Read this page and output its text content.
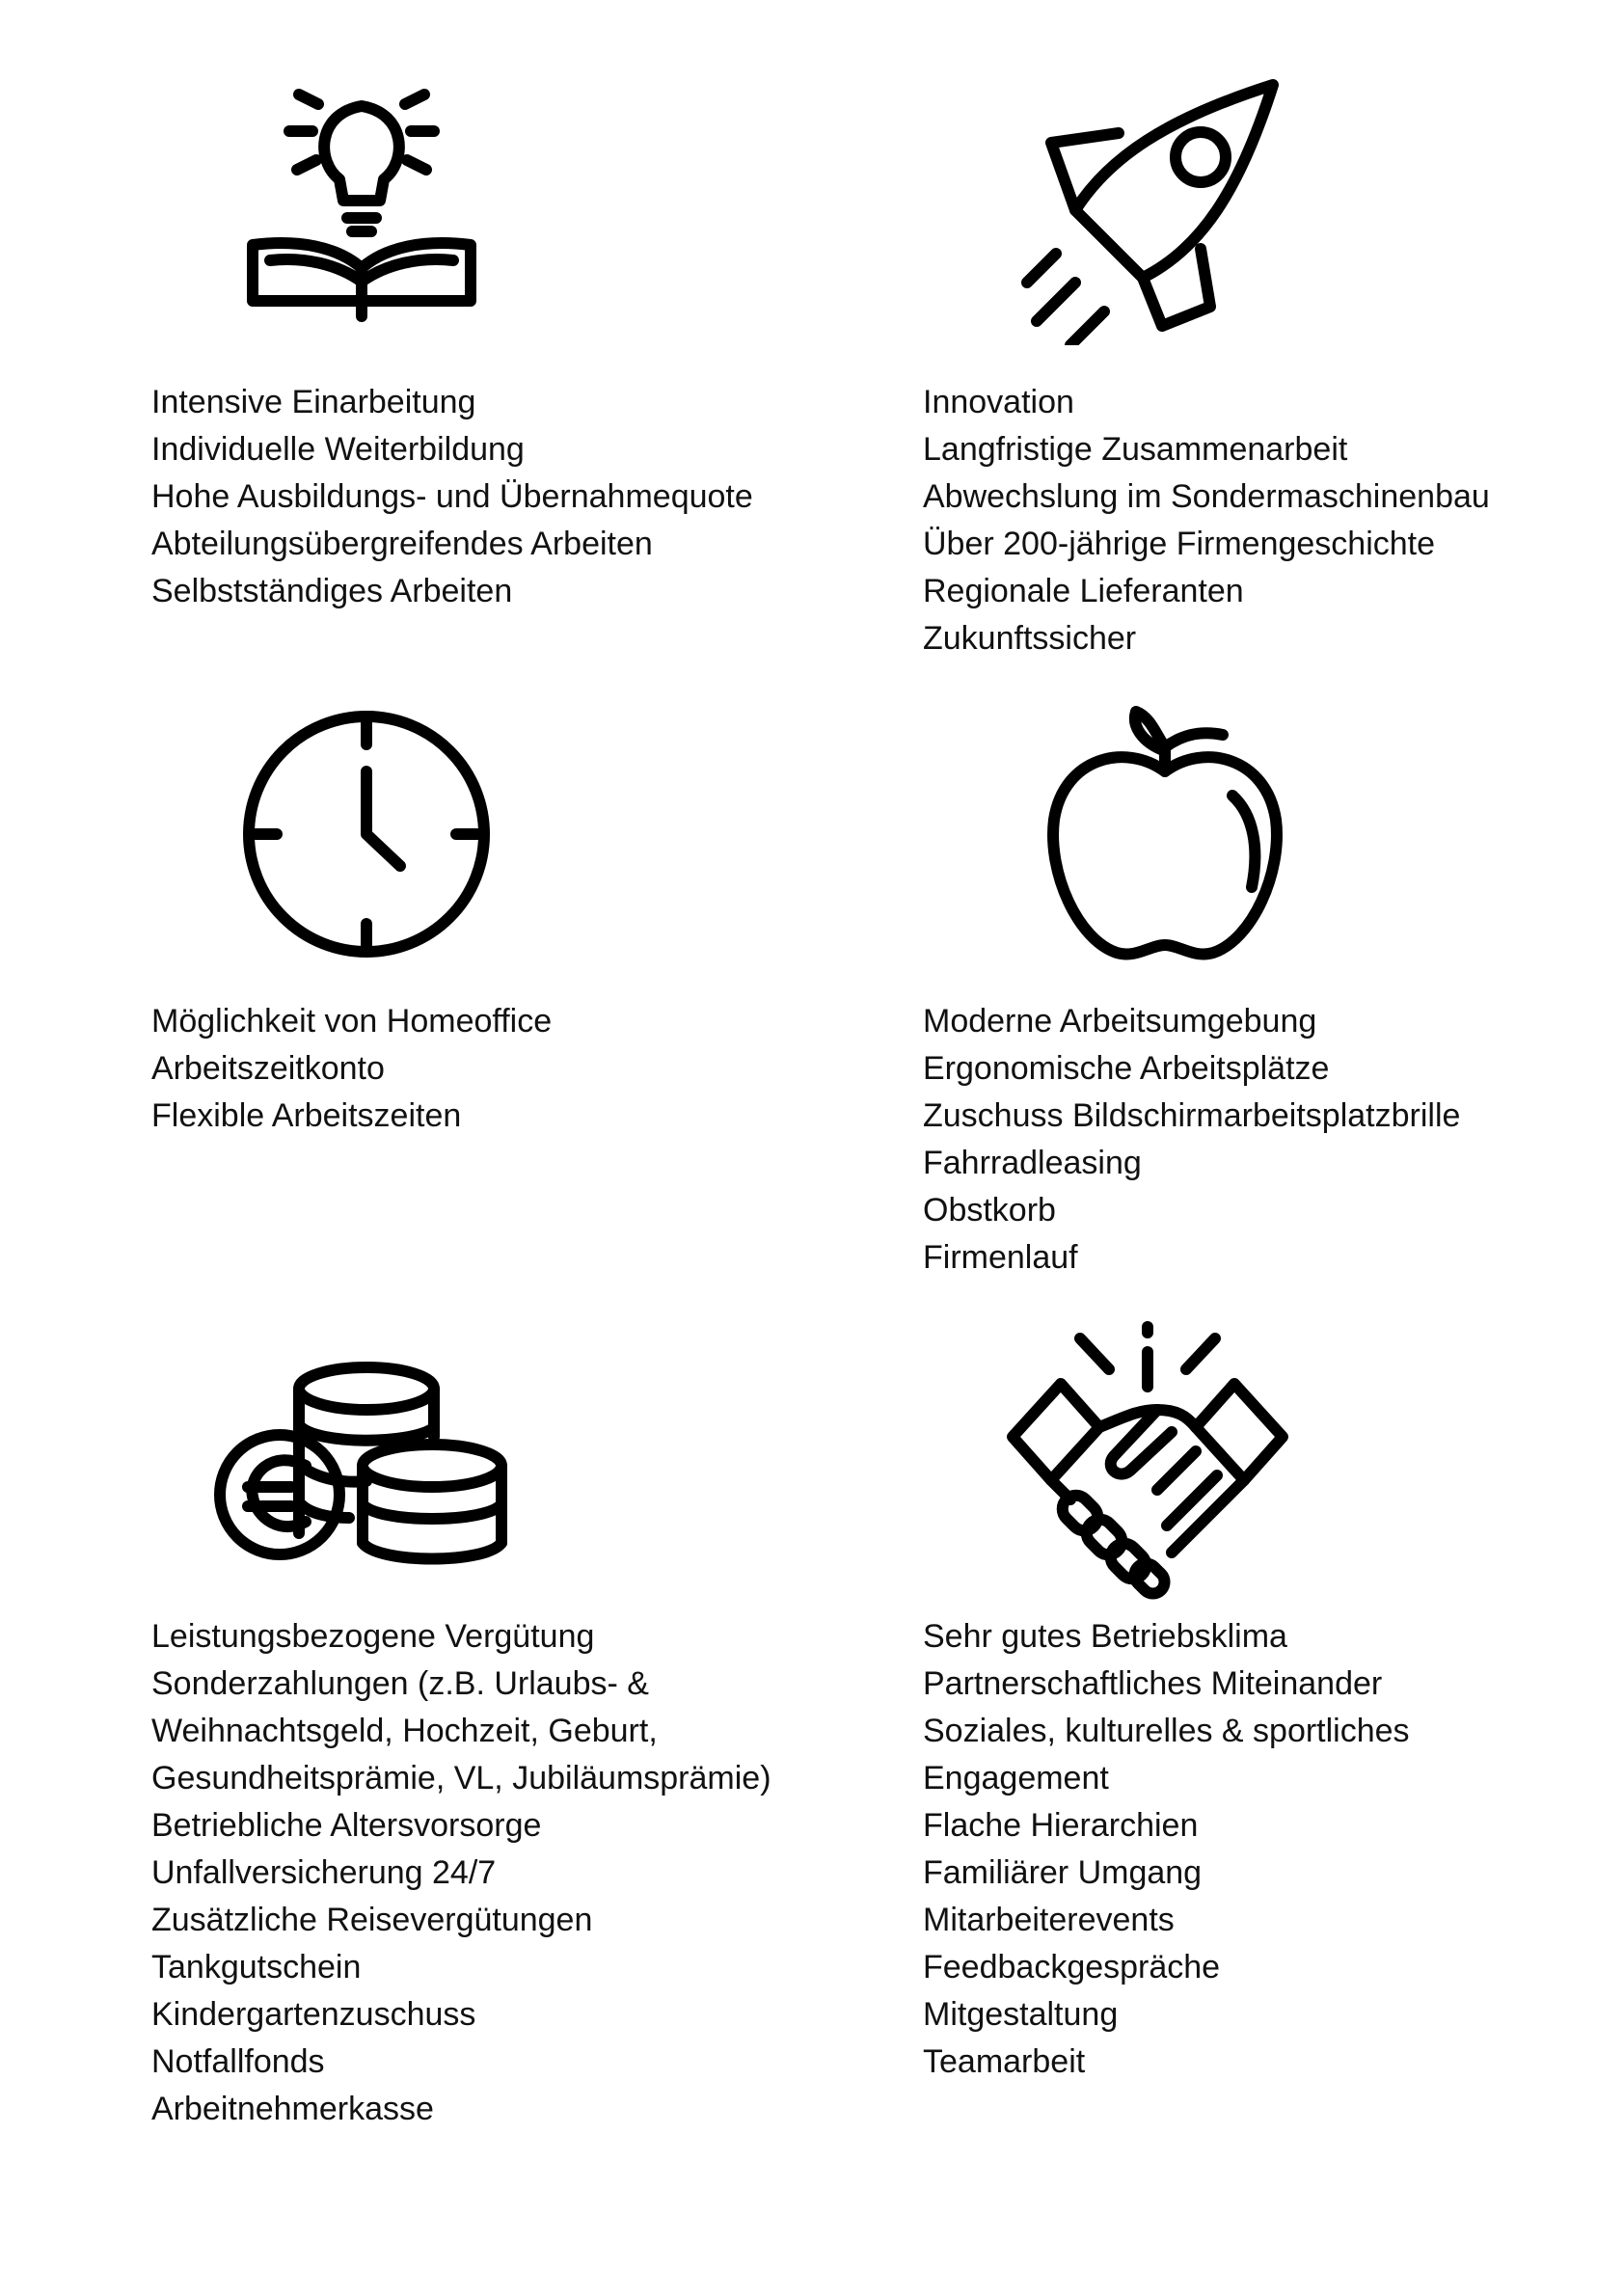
Intensive Einarbeitung
Individuelle Weiterbildung
Hohe Ausbildungs- und Übernahmequote
Abteilungsübergreifendes Arbeiten
Selbstständiges Arbeiten
Innovation
Langfristige Zusammenarbeit
Abwechslung im Sondermaschinenbau
Über 200-jährige Firmengeschichte
Regionale Lieferanten
Zukunftssicher
Möglichkeit von Homeoffice
Arbeitszeitkonto
Flexible Arbeitszeiten
Moderne Arbeitsumgebung
Ergonomische Arbeitsplätze
Zuschuss Bildschirmarbeitsplatzbrille
Fahrradleasing
Obstkorb
Firmenlauf
Leistungsbezogene Vergütung
Sonderzahlungen (z.B. Urlaubs- &
Weihnachtsgeld, Hochzeit, Geburt,
Gesundheitsprämie, VL, Jubiläumsprämie)
Betriebliche Altersvorsorge
Unfallversicherung 24/7
Zusätzliche Reisevergütungen
Tankgutschein
Kindergartenzuschuss
Notfallfonds
Arbeitnehmerkasse
Sehr gutes Betriebsklima
Partnerschaftliches Miteinander
Soziales, kulturelles & sportliches
Engagement
Flache Hierarchien
Familiärer Umgang
Mitarbeiterevents
Feedbackgespräche
Mitgestaltung
Teamarbeit
